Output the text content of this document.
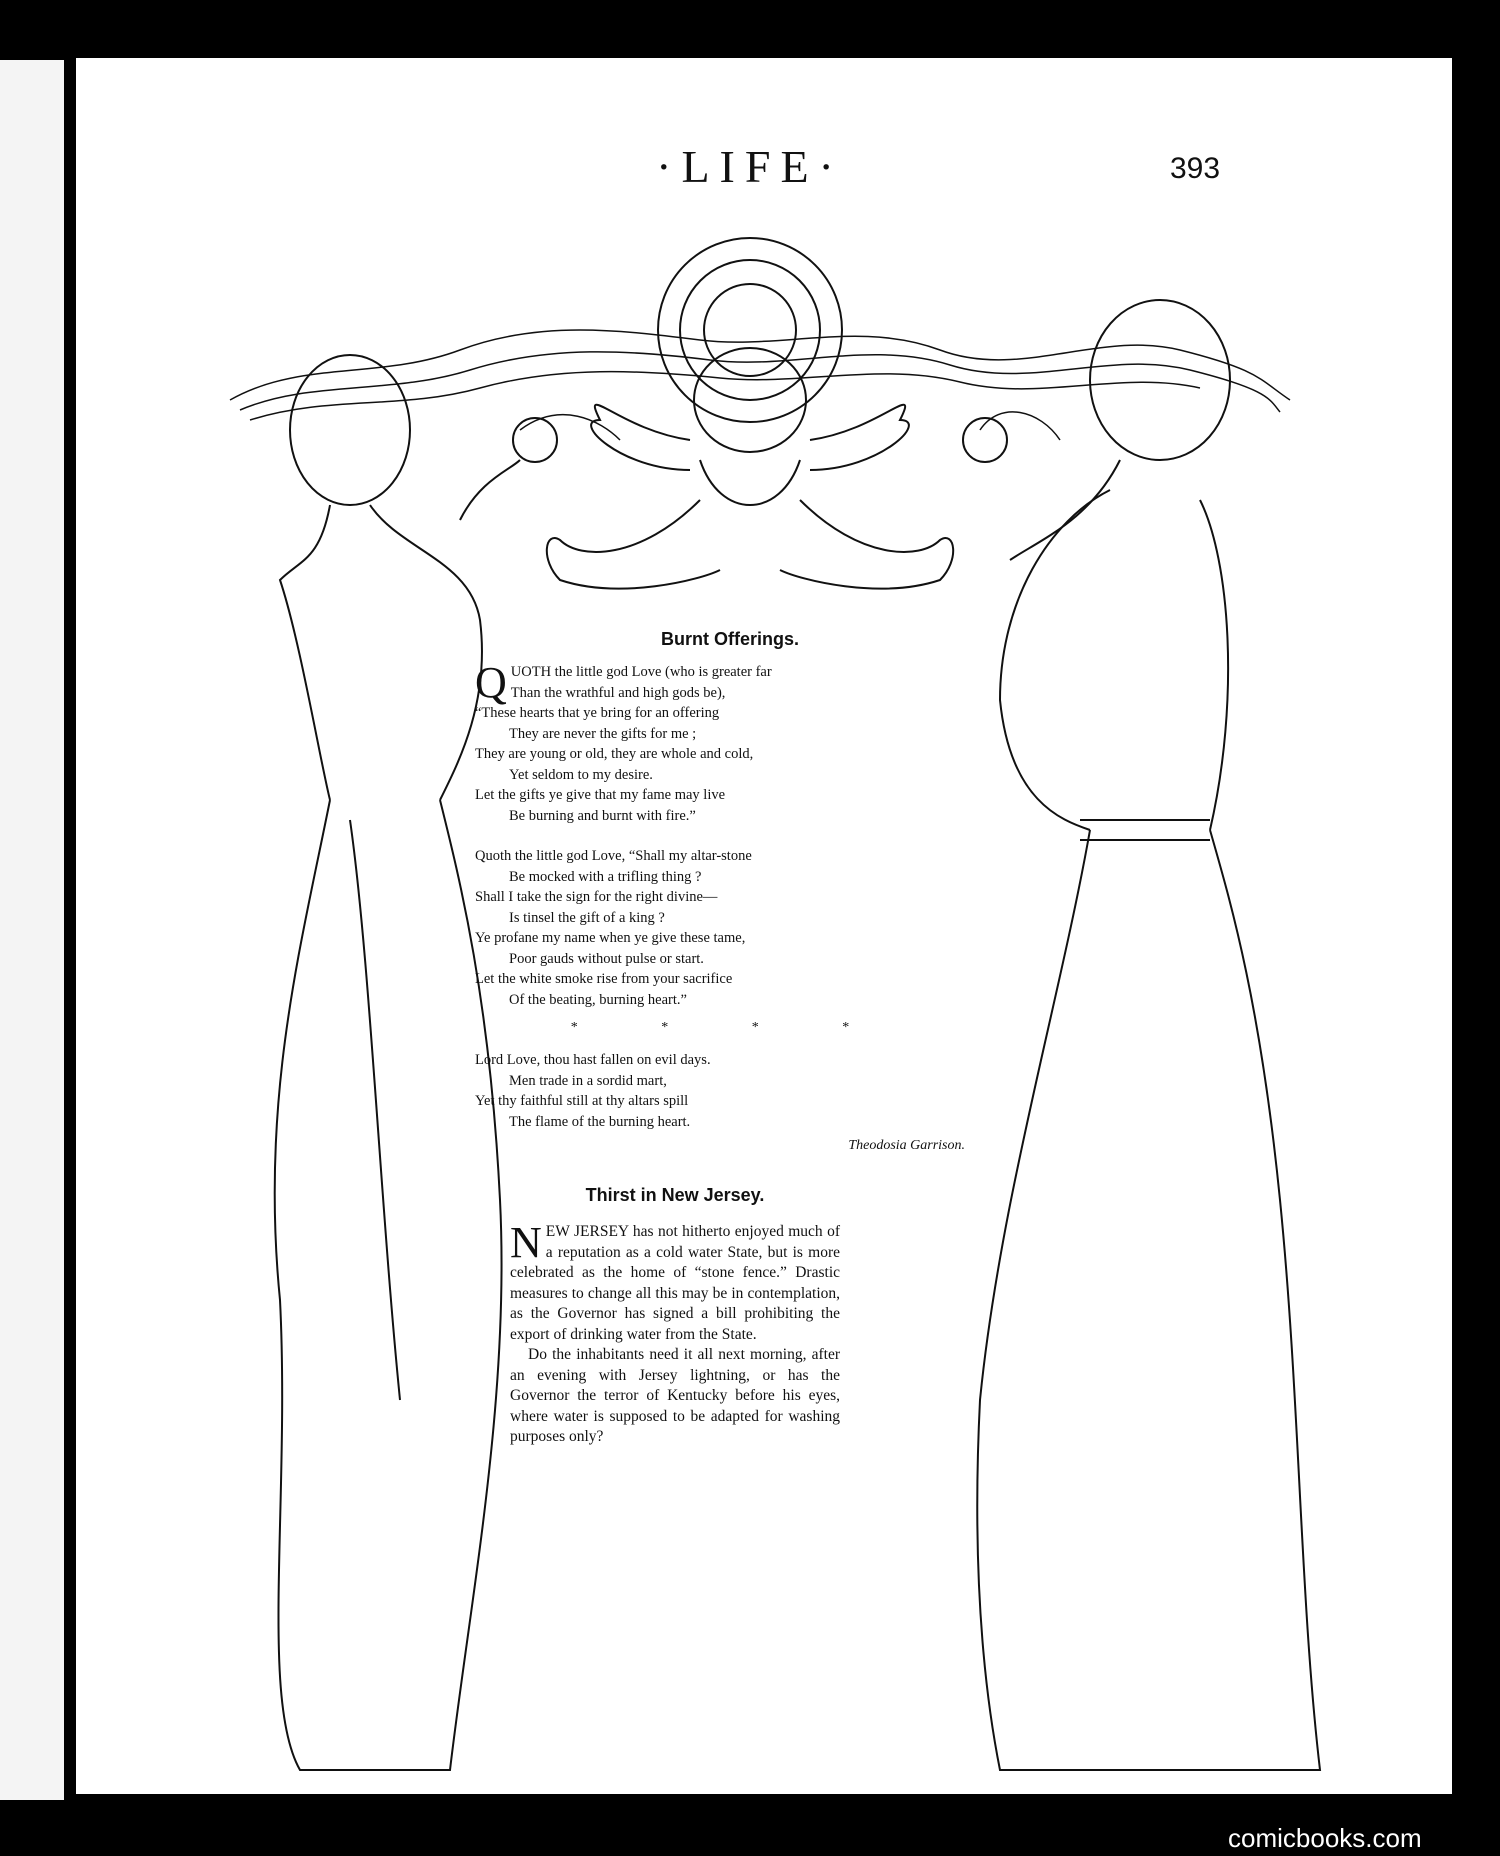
·LIFE·	393
Burnt Offerings.
Q UOTH the little god Love (who is greater far
Than the wrathful and high gods be),
“These hearts that ye bring for an offering
They are never the gifts for me ;
They are young or old, they are whole and cold,
Yet seldom to my desire.
Let the gifts ye give that my fame may live
Be burning and burnt with fire.”
Quoth the little god Love, “Shall my altar-stone
Be mocked with a trifling thing ?
Shall I take the sign for the right divine—
Is tinsel the gift of a king ?
Ye profane my name when ye give these tame,
Poor gauds without pulse or start.
Let the white smoke rise from your sacrifice
Of the beating, burning heart.”
* * * *
Lord Love, thou hast fallen on evil days.
Men trade in a sordid mart,
Yet thy faithful still at thy altars spill
The flame of the burning heart.
Theodosia Garrison.
Thirst in New Jersey.

NEW JERSEY has not hitherto enjoyed much of a reputation as a cold water State, but is more celebrated as the home of “stone fence.” Drastic measures to change all this may be in contemplation, as the Governor has signed a bill prohibiting the export of drinking water from the State.

Do the inhabitants need it all next morning, after an evening with Jersey lightning, or has the Governor the terror of Kentucky before his eyes, where water is supposed to be adapted for washing purposes only?

comicbooks.com
